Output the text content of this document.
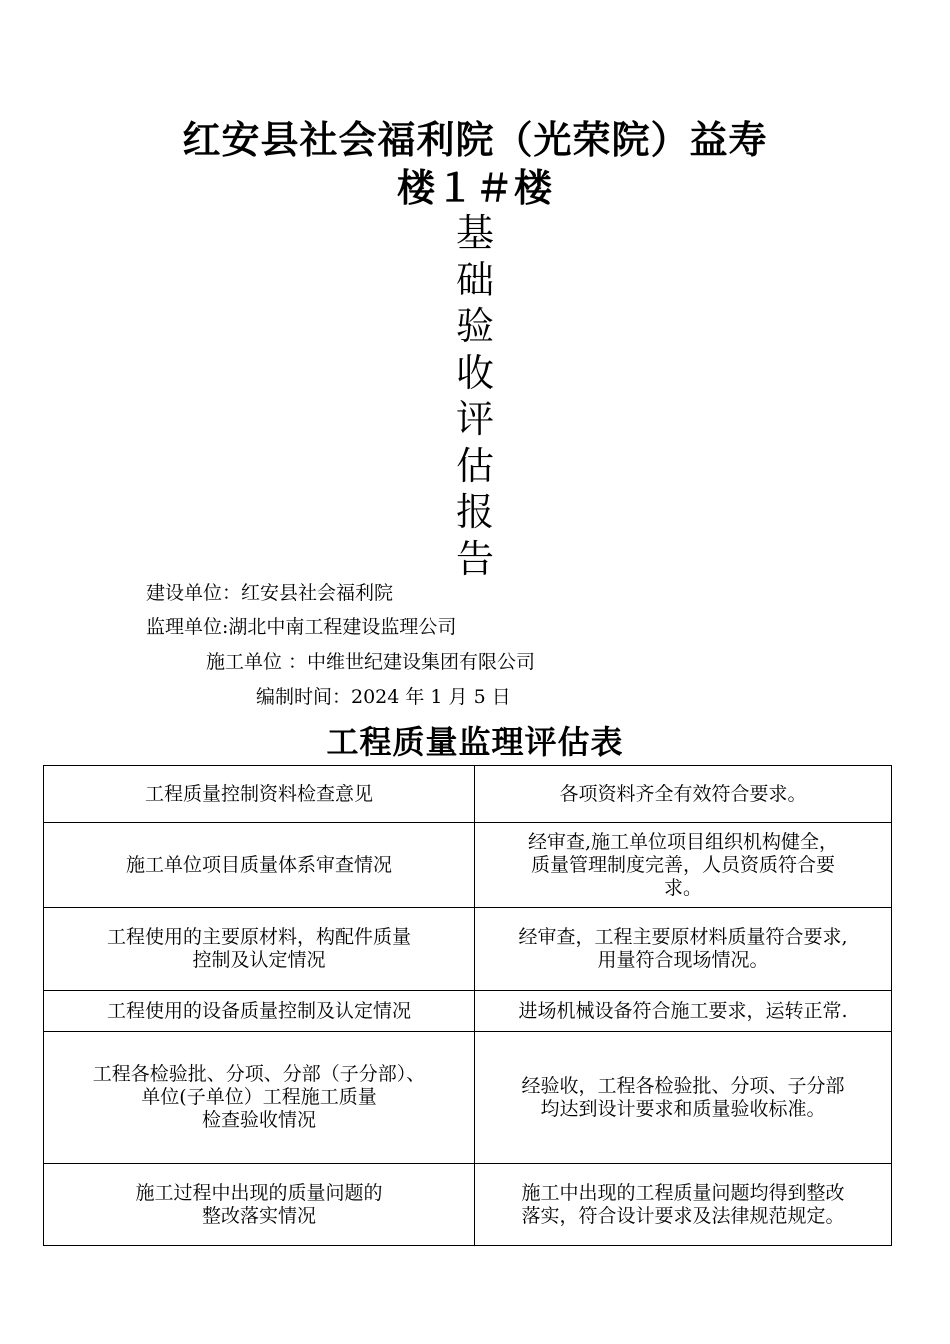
红安县社会福利院（光荣院）益寿
楼１＃楼
基础验收评估报告
建设单位：红安县社会福利院
监理单位:湖北中南工程建设监理公司
施工单位 ：中维世纪建设集团有限公司
编制时间：2024 年 1 月 5 日
工程质量监理评估表
工程质量控制资料检查意见	各项资料齐全有效符合要求。
施工单位项目质量体系审查情况	经审查,施工单位项目组织机构健全，
质量管理制度完善，人员资质符合要
求。
工程使用的主要原材料，构配件质量
控制及认定情况	经审查，工程主要原材料质量符合要求,
用量符合现场情况。
工程使用的设备质量控制及认定情况	进场机械设备符合施工要求，运转正常.
工程各检验批、分项、分部（子分部）、
单位(子单位）工程施工质量
检查验收情况	经验收，工程各检验批、分项、子分部
均达到设计要求和质量验收标准。
施工过程中出现的质量问题的
整改落实情况	施工中出现的工程质量问题均得到整改
落实，符合设计要求及法律规范规定。
